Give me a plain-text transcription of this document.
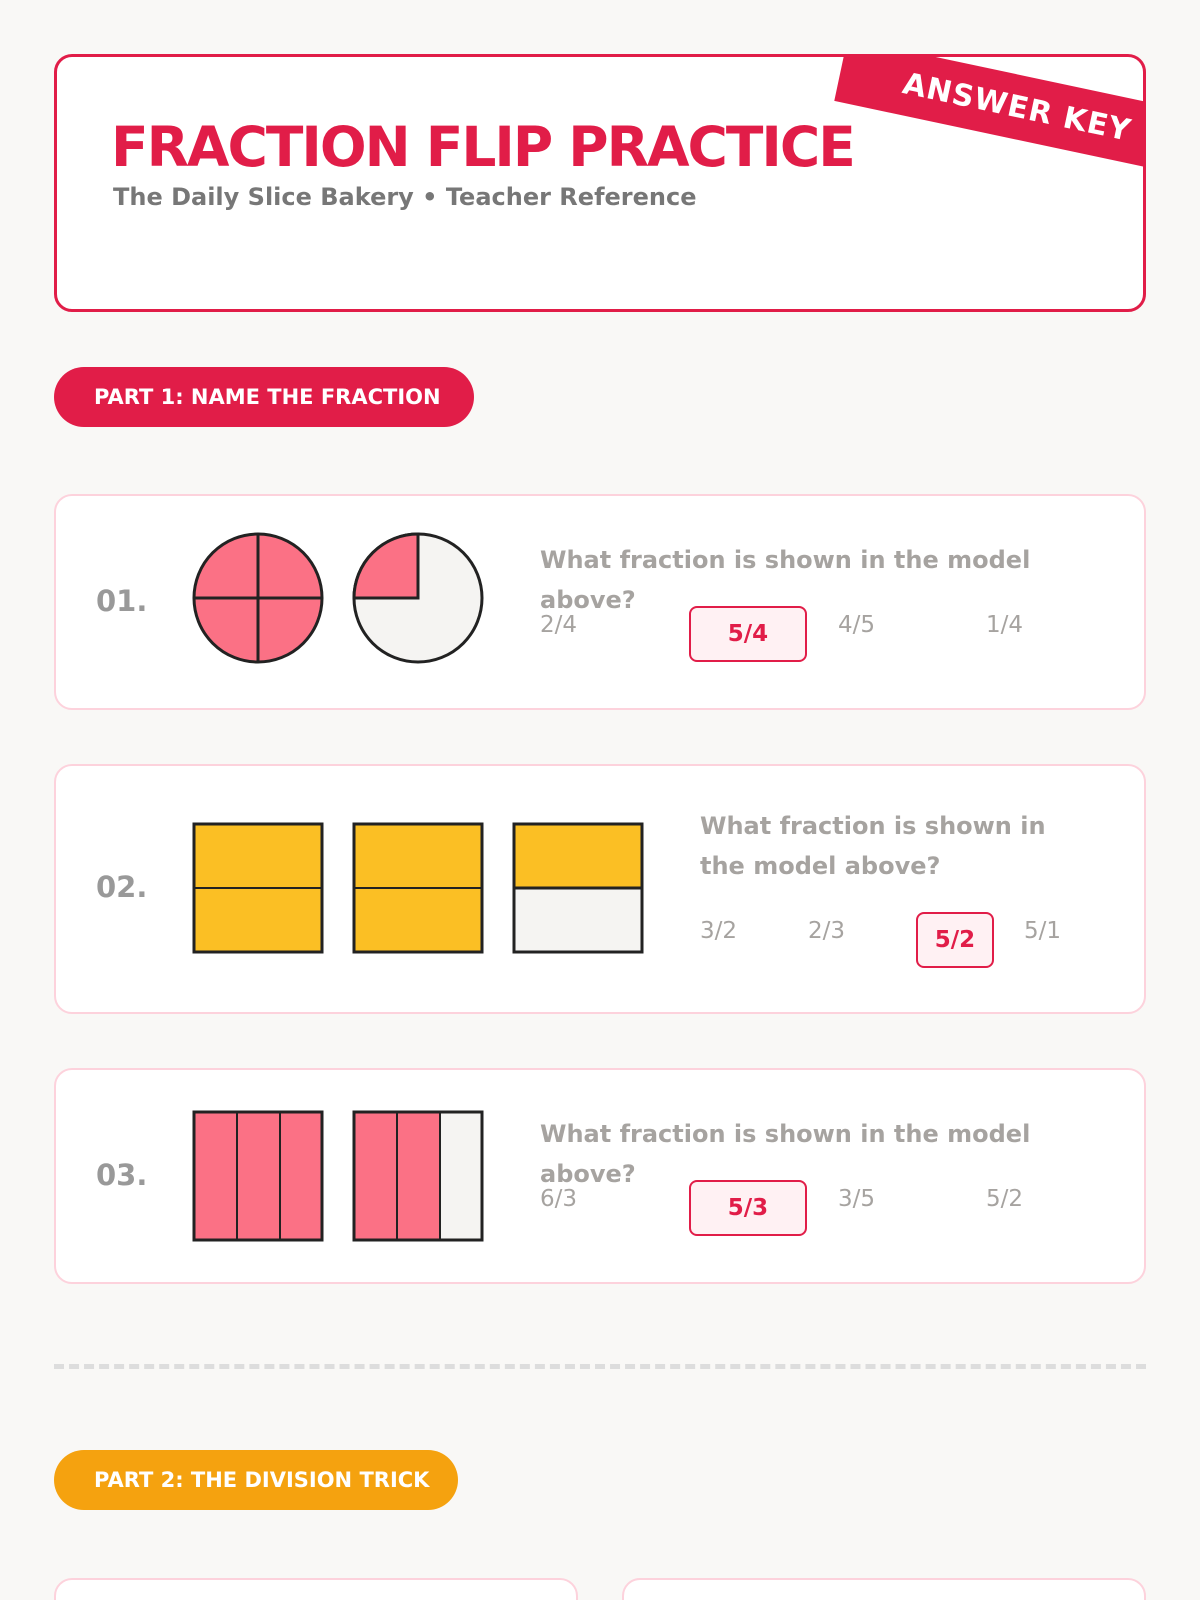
FRACTION FLIP PRACTICE
The Daily Slice Bakery • Teacher Reference
ANSWER KEY
PART 1: NAME THE FRACTION
01.
What fraction is shown in the model above?
2/4	5/4	4/5	1/4
02.
What fraction is shown in the model above?
3/2	2/3	5/2	5/1
03.
What fraction is shown in the model above?
6/3	5/3	3/5	5/2
PART 2: THE DIVISION TRICK
